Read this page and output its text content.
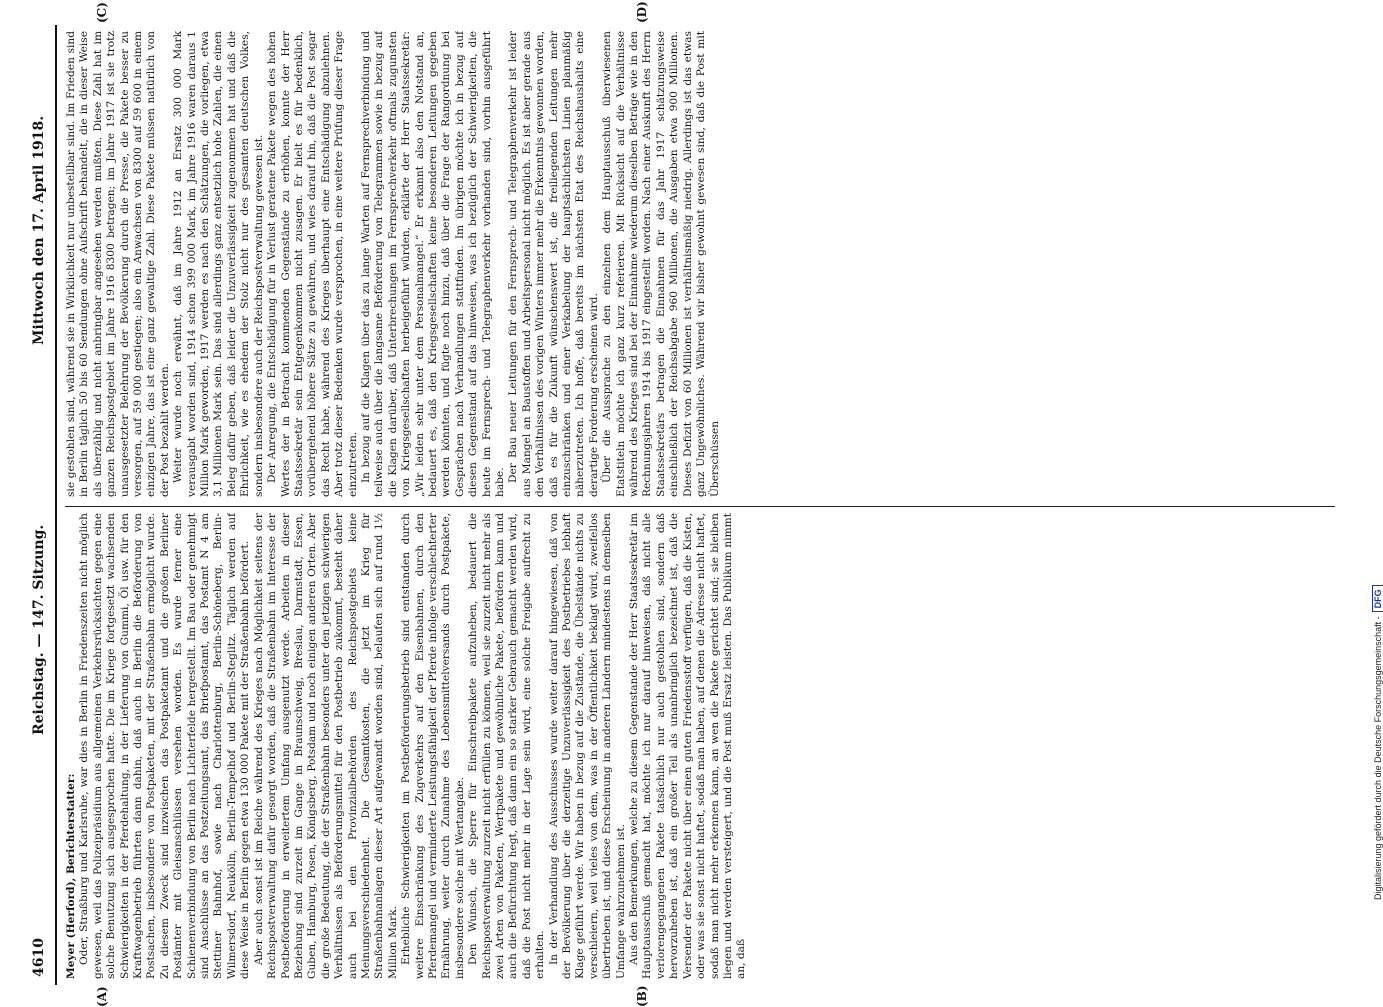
4610
Reichstag. — 147. Sitzung.
Mittwoch den 17. April 1918.
(A)	(B)
(C)	(D)

Meyer (Herford), Berichterstatter: Oder, Straßburg und Karlsruhe, war dies in Berlin in Friedenszeiten nicht möglich gewesen, weil das Polizeipräsidium aus allgemeinen Verkehrsrücksichten gegen eine solche Benutzung sich ausgesprochen hatte. Die im Kriege fortgesetzt wachsenden Schwierigkeiten in der Pferdehaltung, in der Lieferung von Gummi, Öl usw. für den Kraftwagenbetrieb führten dann dahin, daß auch in Berlin die Beförderung von Postsachen, insbesondere von Postpaketen, mit der Straßenbahn ermöglicht wurde. Zu diesem Zweck sind inzwischen das Postpaketamt und die großen Berliner Postämter mit Gleisanschlüssen versehen worden. Es wurde ferner eine Schienenverbindung von Berlin nach Lichterfelde hergestellt. Im Bau oder genehmigt sind Anschlüsse an das Postzeitungsamt, das Briefpostamt, das Postamt N 4 am Stettiner Bahnhof, sowie nach Charlottenburg, Berlin-Schöneberg, Berlin-Wilmersdorf, Neukölln, Berlin-Tempelhof und Berlin-Steglitz. Täglich werden auf diese Weise in Berlin gegen etwa 130 000 Pakete mit der Straßenbahn befördert. Aber auch sonst ist im Reiche während des Krieges nach Möglichkeit seitens der Reichspostverwaltung dafür gesorgt worden, daß die Straßenbahn im Interesse der Postbeförderung in erweitertem Umfang ausgenutzt werde. Arbeiten in dieser Beziehung sind zurzeit im Gange in Braunschweig, Breslau, Darmstadt, Essen, Guben, Hamburg, Posen, Königsberg, Potsdam und noch einigen anderen Orten. Aber die große Bedeutung, die der Straßenbahn besonders unter den jetzigen schwierigen Verhältnissen als Beförderungsmittel für den Postbetrieb zukommt, besteht daher auch bei den Provinzialbehörden des Reichspostgebiets keine Meinungsverschiedenheit. Die Gesamtkosten, die jetzt im Krieg für Straßenbahnanlagen dieser Art aufgewandt worden sind, belaufen sich auf rund 1½ Million Mark. Erhebliche Schwierigkeiten im Postbeförderungsbetrieb sind entstanden durch weitere Einschränkung des Zugverkehrs auf den Eisenbahnen, durch den Pferdemangel und verminderte Leistungsfähigkeit der Pferde infolge verschlechterter Ernährung, weiter durch Zunahme des Lebensmittelversands durch Postpakete, insbesondere solche mit Wertangabe. Den Wunsch, die Sperre für Einschreibpakete aufzuheben, bedauert die Reichspostverwaltung zurzeit nicht erfüllen zu können, weil sie zurzeit nicht mehr als zwei Arten von Paketen, Wertpakete und gewöhnliche Pakete, befördern kann und auch die Befürchtung hegt, daß dann ein so starker Gebrauch gemacht werden wird, daß die Post nicht mehr in der Lage sein wird, eine solche Freigabe aufrecht zu erhalten. In der Verhandlung des Ausschusses wurde weiter darauf hingewiesen, daß von der Bevölkerung über die derzeitige Unzuverlässigkeit des Postbetriebes lebhaft Klage geführt werde. Wir haben in bezug auf die Zustände, die Übelstände nichts zu verschleiern, weil vieles von dem, was in der Öffentlichkeit beklagt wird, zweifellos übertrieben ist, und diese Erscheinung in anderen Ländern mindestens in demselben Umfange wahrzunehmen ist. Aus den Bemerkungen, welche zu diesem Gegenstande der Herr Staatssekretär im Hauptausschuß gemacht hat, möchte ich nur darauf hinweisen, daß nicht alle verlorengegangenen Pakete tatsächlich nur auch gestohlen sind, sondern daß hervorzuheben ist, daß ein großer Teil als unanbringlich bezeichnet ist, daß die Versender der Pakete nicht über einen guten Friedensstoff verfügen, daß die Kisten, oder was sie sonst nicht haftet, sodaß man haben, auf denen die Adresse nicht haftet, sodaß man nicht mehr erkennen kann, an wen die Pakete gerichtet sind; sie bleiben liegen und werden versteigert, und die Post muß Ersatz leisten. Das Publikum nimmt an, daß

sie gestohlen sind, während sie in Wirklichkeit nur unbestellbar sind. Im Frieden sind in Berlin täglich 50 bis 60 Sendungen ohne Aufschrift behandelt, die in dieser Weise als überzählig und nicht anbringbar angesehen werden mußten. Diese Zahl hat im ganzen Reichspostgebiet im Jahre 1916 8300 betragen; im Jahre 1917 ist sie trotz unausgesetzter Belehrung der Bevölkerung durch die Presse, die Pakete besser zu versorgen, auf 59 000 gestiegen; also ein Anwachsen von 8300 auf 59 600 in einem einzigen Jahre, das ist eine ganz gewaltige Zahl. Diese Pakete müssen natürlich von der Post bezahlt werden. Weiter wurde noch erwähnt, daß im Jahre 1912 an Ersatz 300 000 Mark verausgabt worden sind, 1914 schon 399 000 Mark, im Jahre 1916 waren daraus 1 Million Mark geworden, 1917 werden es nach den Schätzungen, die vorliegen, etwa 3,1 Millionen Mark sein. Das sind allerdings ganz entsetzlich hohe Zahlen, die einen Beleg dafür geben, daß leider die Unzuverlässigkeit zugenommen hat und daß die Ehrlichkeit, wie es ehedem der Stolz nicht nur des gesamten deutschen Volkes, sondern insbesondere auch der Reichspostverwaltung gewesen ist. Der Anregung, die Entschädigung für in Verlust geratene Pakete wegen des hohen Wertes der in Betracht kommenden Gegenstände zu erhöhen, konnte der Herr Staatssekretär sein Entgegenkommen nicht zusagen. Er hielt es für bedenklich, vorübergehend höhere Sätze zu gewähren, und wies darauf hin, daß die Post sogar das Recht habe, während des Krieges überhaupt eine Entschädigung abzulehnen. Aber trotz dieser Bedenken wurde versprochen, in eine weitere Prüfung dieser Frage einzutreten. In bezug auf die Klagen über das zu lange Warten auf Fernsprechverbindung und teilweise auch über die langsame Beförderung von Telegrammen sowie in bezug auf die Klagen darüber, daß Unterbrechungen im Fernsprechverkehr oftmals zugunsten von Kriegsgesellschaften herbeigeführt würden, erklärte der Herr Staatssekretär: „Wir leiden sehr unter dem Personalmangel.“ Er erkannt also den Notstand an, bedauert es, daß den Kriegsgesellschaften keine besonderen Leitungen gegeben werden könnten, und fügte noch hinzu, daß über die Frage der Rangordnung bei Gesprächen nach Verhandlungen stattfinden. Im übrigen möchte ich in bezug auf diesen Gegenstand auf das hinweisen, was ich bezüglich der Schwierigkeiten, die heute im Fernsprech- und Telegraphenverkehr vorhanden sind, vorhin ausgeführt habe. Der Bau neuer Leitungen für den Fernsprech- und Telegraphenverkehr ist leider aus Mangel an Baustoffen und Arbeitspersonal nicht möglich. Es ist aber gerade aus den Verhältnissen des vorigen Winters immer mehr die Erkenntnis gewonnen worden, daß es für die Zukunft wünschenswert ist, die freiliegenden Leitungen mehr einzuschränken und einer Verkabelung der hauptsächlichsten Linien planmäßig näherzutreten. Ich hoffe, daß bereits im nächsten Etat des Reichshaushalts eine derartige Forderung erscheinen wird. Über die Aussprache zu den einzelnen dem Hauptausschuß überwiesenen Etatstiteln möchte ich ganz kurz referieren. Mit Rücksicht auf die Verhältnisse während des Krieges sind bei der Einnahme wiederum dieselben Beträge wie in den Rechnungsjahren 1914 bis 1917 eingestellt worden. Nach einer Auskunft des Herrn Staatssekretärs betragen die Einnahmen für das Jahr 1917 schätzungsweise einschließlich der Reichsabgabe 960 Millionen, die Ausgaben etwa 900 Millionen. Dieses Defizit von 60 Millionen ist verhältnismäßig niedrig. Allerdings ist das etwas ganz Ungewöhnliches. Während wir bisher gewohnt gewesen sind, daß die Post mit Überschüssen

Digitalisierung gefördert durch die Deutsche Forschungsgemeinschaft -DFG
